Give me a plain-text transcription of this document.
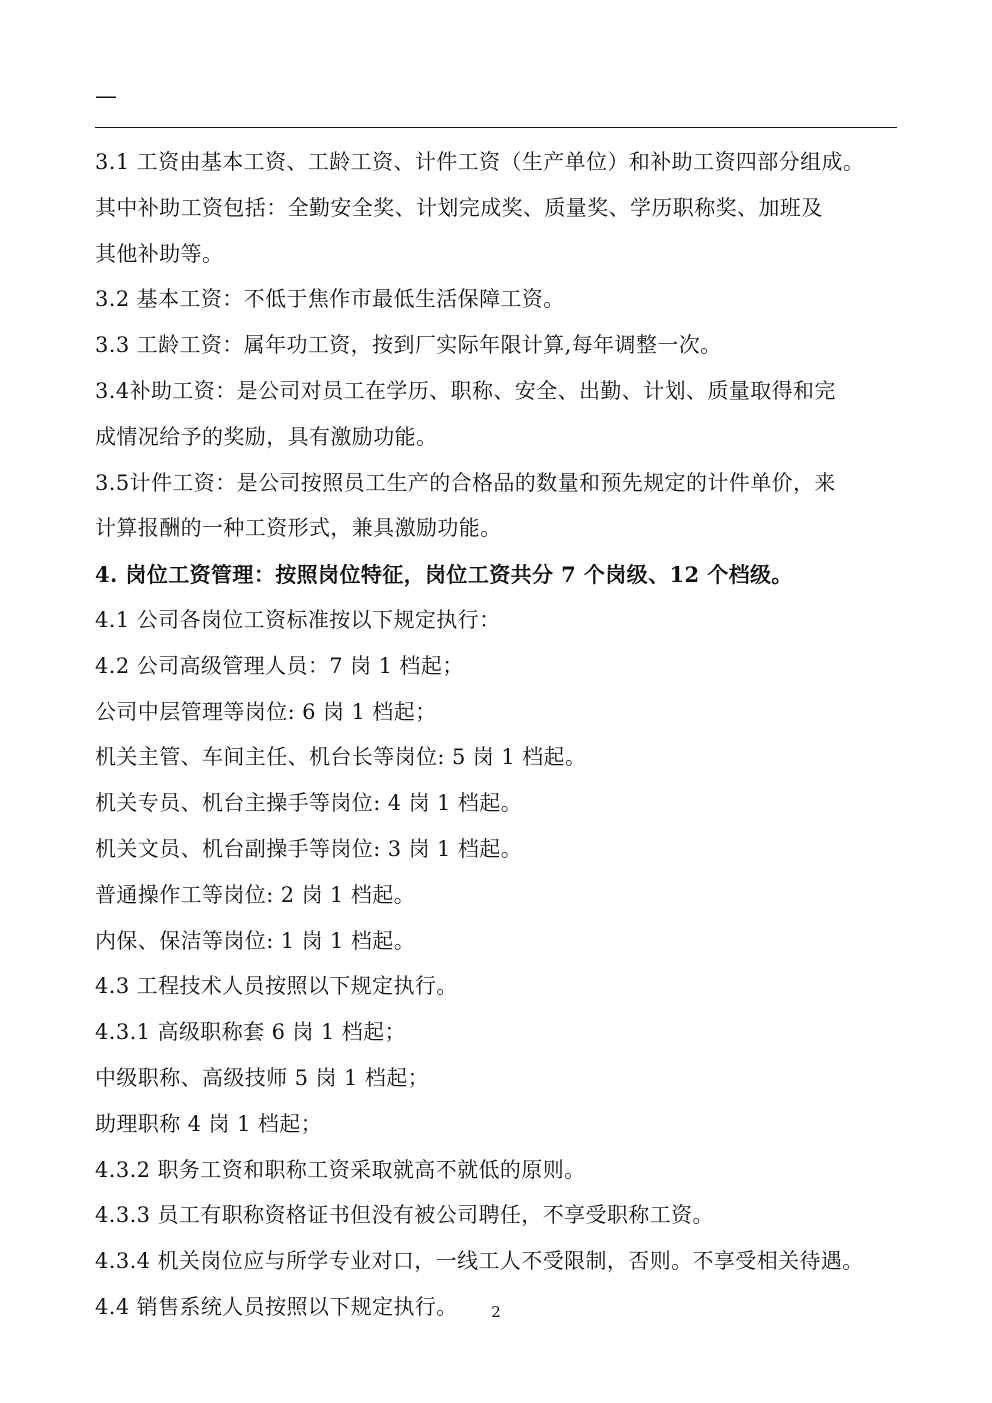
—
3.1 工资由基本工资、工龄工资、计件工资（生产单位）和补助工资四部分组成。
其中补助工资包括：全勤安全奖、计划完成奖、质量奖、学历职称奖、加班及
其他补助等。
3.2 基本工资：不低于焦作市最低生活保障工资。
3.3 工龄工资：属年功工资，按到厂实际年限计算,每年调整一次。
3.4补助工资：是公司对员工在学历、职称、安全、出勤、计划、质量取得和完
成情况给予的奖励，具有激励功能。
3.5计件工资：是公司按照员工生产的合格品的数量和预先规定的计件单价，来
计算报酬的一种工资形式，兼具激励功能。
4. 岗位工资管理：按照岗位特征，岗位工资共分 7 个岗级、12 个档级。
4.1 公司各岗位工资标准按以下规定执行：
4.2 公司高级管理人员：7 岗 1 档起；
公司中层管理等岗位: 6 岗 1 档起；
机关主管、车间主任、机台长等岗位: 5 岗 1 档起。
机关专员、机台主操手等岗位: 4 岗 1 档起。
机关文员、机台副操手等岗位: 3 岗 1 档起。
普通操作工等岗位: 2 岗 1 档起。
内保、保洁等岗位: 1 岗 1 档起。
4.3 工程技术人员按照以下规定执行。
4.3.1 高级职称套 6 岗 1 档起；
中级职称、高级技师 5 岗 1 档起；
助理职称 4 岗 1 档起；
4.3.2 职务工资和职称工资采取就高不就低的原则。
4.3.3 员工有职称资格证书但没有被公司聘任，不享受职称工资。
4.3.4 机关岗位应与所学专业对口，一线工人不受限制，否则。不享受相关待遇。
4.4 销售系统人员按照以下规定执行。	2
